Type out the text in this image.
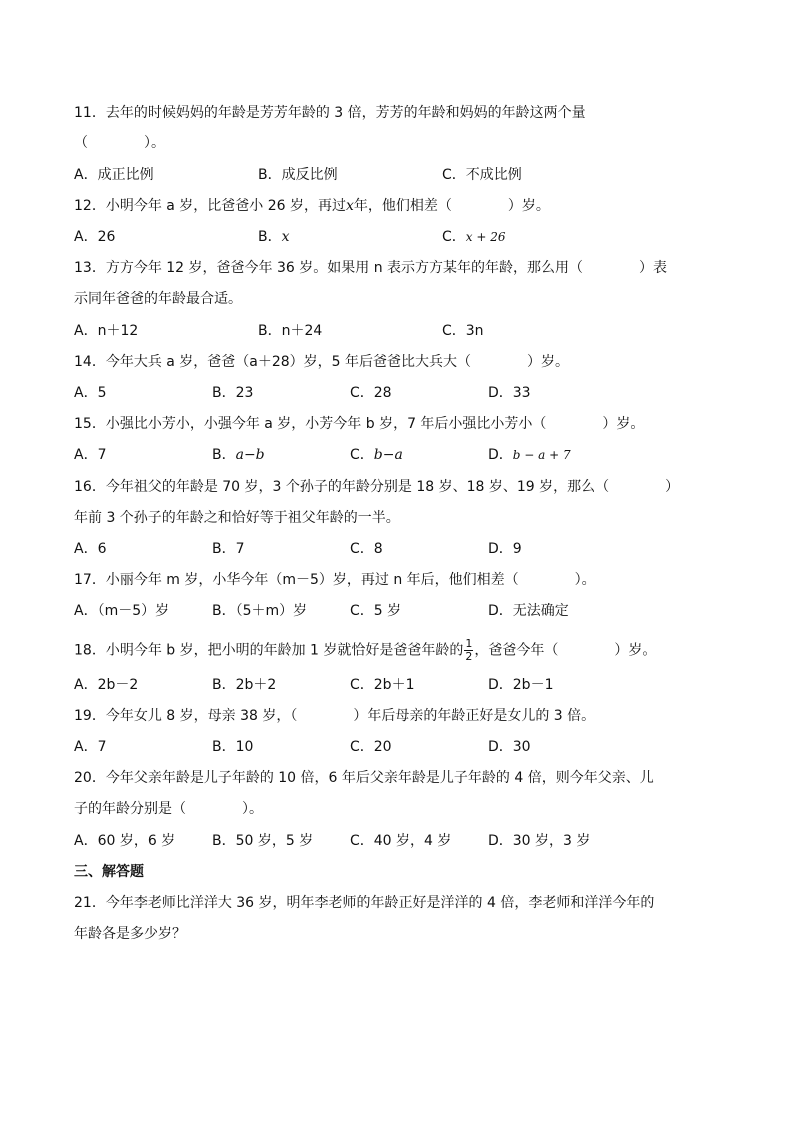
11．去年的时候妈妈的年龄是芳芳年龄的 3 倍，芳芳的年龄和妈妈的年龄这两个量
（　　　　）。
A．成正比例	B．成反比例	C．不成比例
12．小明今年 a 岁，比爸爸小 26 岁，再过x年，他们相差（　　　　）岁。
A．26	B．x	C．x + 26
13．方方今年 12 岁，爸爸今年 36 岁。如果用 n 表示方方某年的年龄，那么用（　　　　）表
示同年爸爸的年龄最合适。
A．n＋12	B．n＋24	C．3n
14．今年大兵 a 岁，爸爸（a＋28）岁，5 年后爸爸比大兵大（　　　　）岁。
A．5	B．23	C．28	D．33
15．小强比小芳小，小强今年 a 岁，小芳今年 b 岁，7 年后小强比小芳小（　　　　）岁。
A．7	B．a−b	C．b−a	D．b − a + 7
16．今年祖父的年龄是 70 岁，3 个孙子的年龄分别是 18 岁、18 岁、19 岁，那么（　　　　）
年前 3 个孙子的年龄之和恰好等于祖父年龄的一半。
A．6	B．7	C．8	D．9
17．小丽今年 m 岁，小华今年（m－5）岁，再过 n 年后，他们相差（　　　　）。
A．（m－5）岁	B．（5＋m）岁	C．5 岁	D．无法确定
18．小明今年 b 岁，把小明的年龄加 1 岁就恰好是爸爸年龄的 $\frac{1}{2}$ ，爸爸今年（　　　　）岁。
A．2b－2	B．2b＋2	C．2b＋1	D．2b－1
19．今年女儿 8 岁，母亲 38 岁，（　　　　）年后母亲的年龄正好是女儿的 3 倍。
A．7	B．10	C．20	D．30
20．今年父亲年龄是儿子年龄的 10 倍，6 年后父亲年龄是儿子年龄的 4 倍，则今年父亲、儿
子的年龄分别是（　　　　）。
A．60 岁，6 岁	B．50 岁，5 岁	C．40 岁，4 岁	D．30 岁，3 岁
三、解答题
21．今年李老师比洋洋大 36 岁，明年李老师的年龄正好是洋洋的 4 倍，李老师和洋洋今年的
年龄各是多少岁？
